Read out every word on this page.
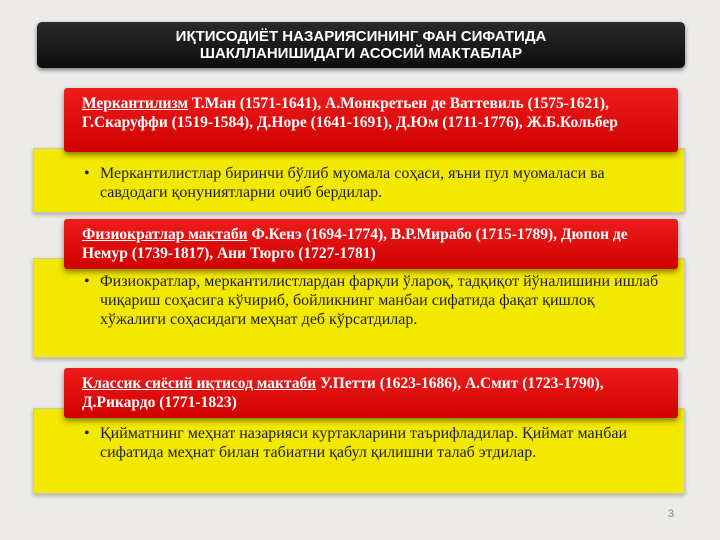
ИҚТИСОДИЁТ НАЗАРИЯСИНИНГ ФАН СИФАТИДА
ШАКЛЛАНИШИДАГИ АСОСИЙ МАКТАБЛАР
• Меркантилистлар биринчи бўлиб муомала соҳаси, яъни пул муомаласи ва савдодаги қонуниятларни очиб бердилар.
Меркантилизм Т.Ман (1571-1641), А.Монкретьен де Ваттевиль (1575-1621), Г.Скаруффи (1519-1584), Д.Норе (1641-1691), Д.Юм (1711-1776), Ж.Б.Кольбер
• Физиократлар, меркантилистлардан фарқли ўлароқ, тадқиқот йўналишини ишлаб чиқариш соҳасига кўчириб, бойликнинг манбаи сифатида фақат қишлоқ хўжалиги соҳасидаги меҳнат деб кўрсатдилар.
Физиократлар мактаби Ф.Кенэ (1694-1774), В.Р.Мирабо (1715-1789), Дюпон де Немур (1739-1817), Ани Тюрго (1727-1781)
• Қийматнинг меҳнат назарияси куртакларини таърифладилар. Қиймат манбаи сифатида меҳнат билан табиатни қабул қилишни талаб этдилар.
Классик сиёсий иқтисод мактаби У.Петти (1623-1686), А.Смит (1723-1790), Д.Рикардо (1771-1823)
3
